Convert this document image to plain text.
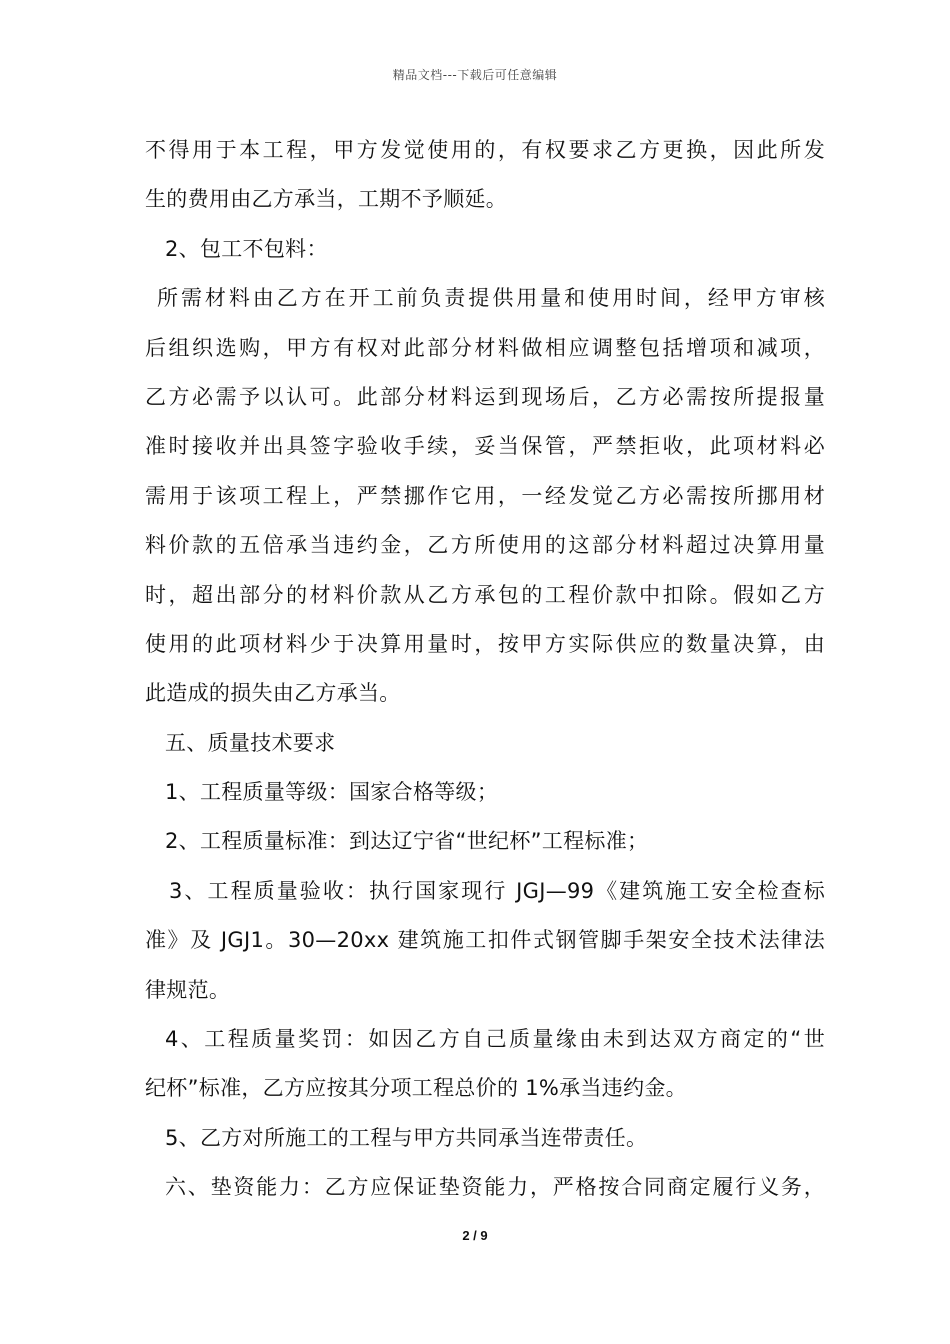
精品文档---下载后可任意编辑
不得用于本工程，甲方发觉使用的，有权要求乙方更换，因此所发
生的费用由乙方承当，工期不予顺延。
2、包工不包料：
所需材料由乙方在开工前负责提供用量和使用时间，经甲方审核
后组织选购，甲方有权对此部分材料做相应调整包括增项和减项，
乙方必需予以认可。此部分材料运到现场后，乙方必需按所提报量
准时接收并出具签字验收手续，妥当保管，严禁拒收，此项材料必
需用于该项工程上，严禁挪作它用，一经发觉乙方必需按所挪用材
料价款的五倍承当违约金，乙方所使用的这部分材料超过决算用量
时，超出部分的材料价款从乙方承包的工程价款中扣除。假如乙方
使用的此项材料少于决算用量时，按甲方实际供应的数量决算，由
此造成的损失由乙方承当。
五、质量技术要求
1、工程质量等级：国家合格等级；
2、工程质量标准：到达辽宁省“世纪杯”工程标准；
3、工程质量验收：执行国家现行 JGJ—99《建筑施工安全检查标
准》及 JGJ1。30—20xx 建筑施工扣件式钢管脚手架安全技术法律法
律规范。
4、工程质量奖罚：如因乙方自己质量缘由未到达双方商定的“世
纪杯”标准，乙方应按其分项工程总价的 1%承当违约金。
5、乙方对所施工的工程与甲方共同承当连带责任。
六、垫资能力：乙方应保证垫资能力，严格按合同商定履行义务，
2 / 9
